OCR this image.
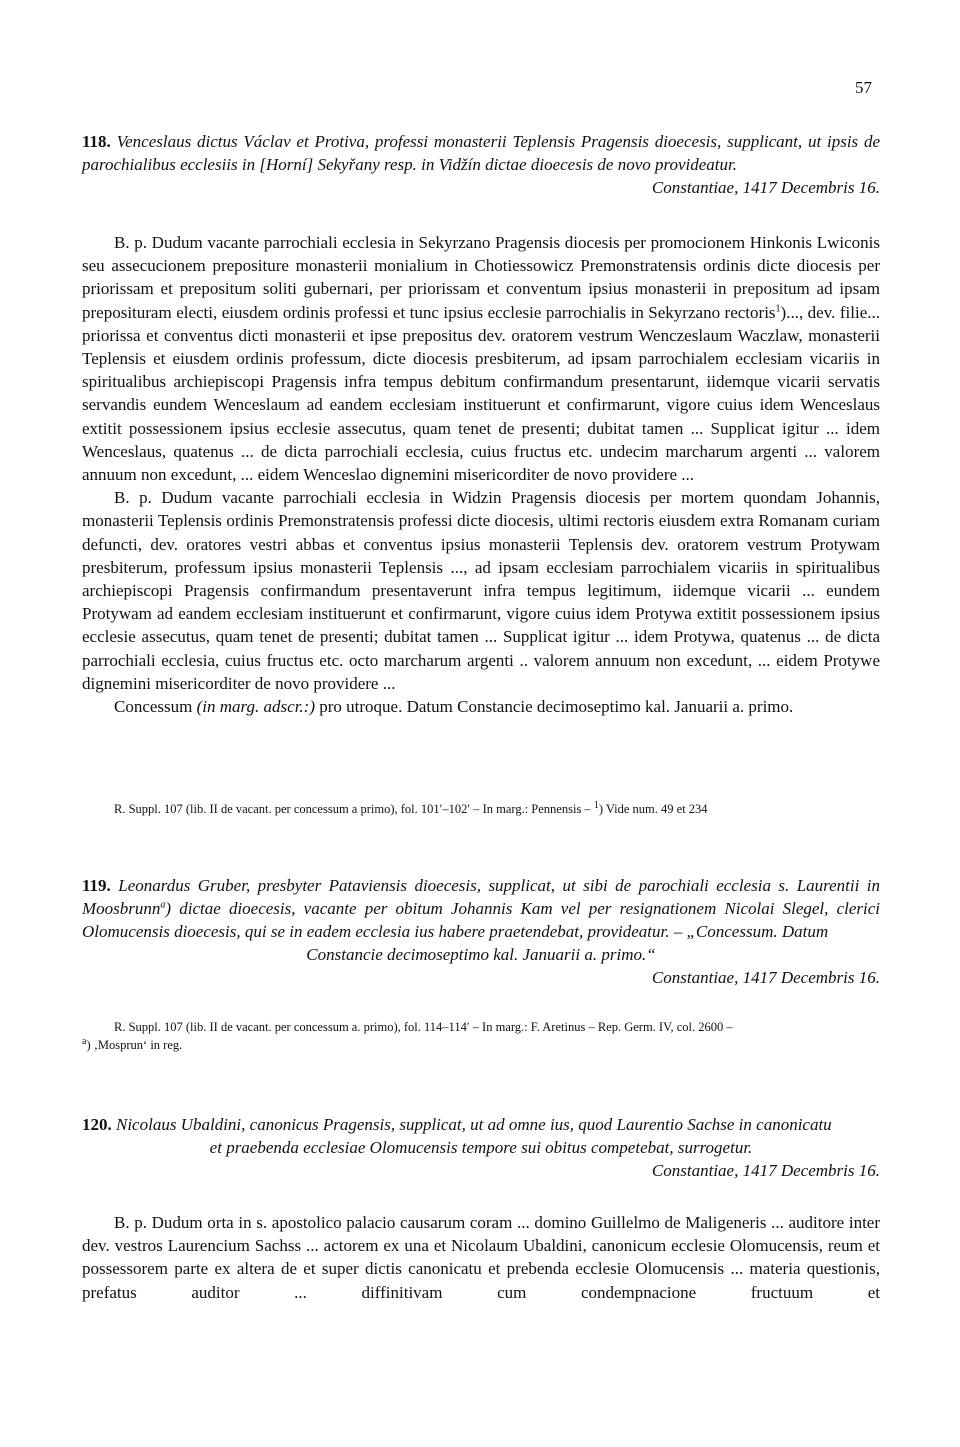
57

118. Venceslaus dictus Václav et Protiva, professi monasterii Teplensis Pragensis dioecesis, supplicant, ut ipsis de parochialibus ecclesiis in [Horní] Sekyřany resp. in Vidžín dictae dioecesis de novo provideatur.

Constantiae, 1417 Decembris 16.

B. p. Dudum vacante parrochiali ecclesia in Sekyrzano Pragensis diocesis per promocionem Hinkonis Lwiconis seu assecucionem prepositure monasterii monialium in Chotiessowicz Premonstratensis ordinis dicte diocesis per priorissam et prepositum soliti gubernari, per priorissam et conventum ipsius monasterii in prepositum ad ipsam preposituram electi, eiusdem ordinis professi et tunc ipsius ecclesie parrochialis in Sekyrzano rectoris$^1$)..., dev. filie... priorissa et conventus dicti monasterii et ipse prepositus dev. oratorem vestrum Wenczeslaum Waczlaw, monasterii Teplensis et eiusdem ordinis professum, dicte diocesis presbiterum, ad ipsam parrochialem ecclesiam vicariis in spiritualibus archiepiscopi Pragensis infra tempus debitum confirmandum presentarunt, iidemque vicarii servatis servandis eundem Wenceslaum ad eandem ecclesiam instituerunt et confirmarunt, vigore cuius idem Wenceslaus extitit possessionem ipsius ecclesie assecutus, quam tenet de presenti; dubitat tamen ... Supplicat igitur ... idem Wenceslaus, quatenus ... de dicta parrochiali ecclesia, cuius fructus etc. undecim marcharum argenti ... valorem annuum non excedunt, ... eidem Wenceslao dignemini misericorditer de novo providere ...

B. p. Dudum vacante parrochiali ecclesia in Widzin Pragensis diocesis per mortem quondam Johannis, monasterii Teplensis ordinis Premonstratensis professi dicte diocesis, ultimi rectoris eiusdem extra Romanam curiam defuncti, dev. oratores vestri abbas et conventus ipsius monasterii Teplensis dev. oratorem vestrum Protywam presbiterum, professum ipsius monasterii Teplensis ..., ad ipsam ecclesiam parrochialem vicariis in spiritualibus archiepiscopi Pragensis confirmandum presentaverunt infra tempus legitimum, iidemque vicarii ... eundem Protywam ad eandem ecclesiam instituerunt et confirmarunt, vigore cuius idem Protywa extitit possessionem ipsius ecclesie assecutus, quam tenet de presenti; dubitat tamen ... Supplicat igitur ... idem Protywa, quatenus ... de dicta parrochiali ecclesia, cuius fructus etc. octo marcharum argenti .. valorem annuum non excedunt, ... eidem Protywe dignemini misericorditer de novo providere ...

Concessum (in marg. adscr.:) pro utroque. Datum Constancie decimoseptimo kal. Januarii a. primo.

R. Suppl. 107 (lib. II de vacant. per concessum a primo), fol. 101′–102′ – In marg.: Pennensis – $^1$) Vide num. 49 et 234

119. Leonardus Gruber, presbyter Pataviensis dioecesis, supplicat, ut sibi de parochiali ecclesia s. Laurentii in Moosbrunn$^a$) dictae dioecesis, vacante per obitum Johannis Kam vel per resignationem Nicolai Slegel, clerici Olomucensis dioecesis, qui se in eadem ecclesia ius habere praetendebat, provideatur. – „Concessum. Datum
Constancie decimoseptimo kal. Januarii a. primo.“

Constantiae, 1417 Decembris 16.

R. Suppl. 107 (lib. II de vacant. per concessum a. primo), fol. 114–114′ – In marg.: F. Aretinus – Rep. Germ. IV, col. 2600 –

$^a$) ‚Mosprun‘ in reg.

120. Nicolaus Ubaldini, canonicus Pragensis, supplicat, ut ad omne ius, quod Laurentio Sachse in canonicatu
et praebenda ecclesiae Olomucensis tempore sui obitus competebat, surrogetur.

Constantiae, 1417 Decembris 16.

B. p. Dudum orta in s. apostolico palacio causarum coram ... domino Guillelmo de Maligeneris ... auditore inter dev. vestros Laurencium Sachss ... actorem ex una et Nicolaum Ubaldini, canonicum ecclesie Olomucensis, reum et possessorem parte ex altera de et super dictis canonicatu et prebenda ecclesie Olomucensis ... materia questionis, prefatus auditor ... diffinitivam cum condempnacione fructuum et
